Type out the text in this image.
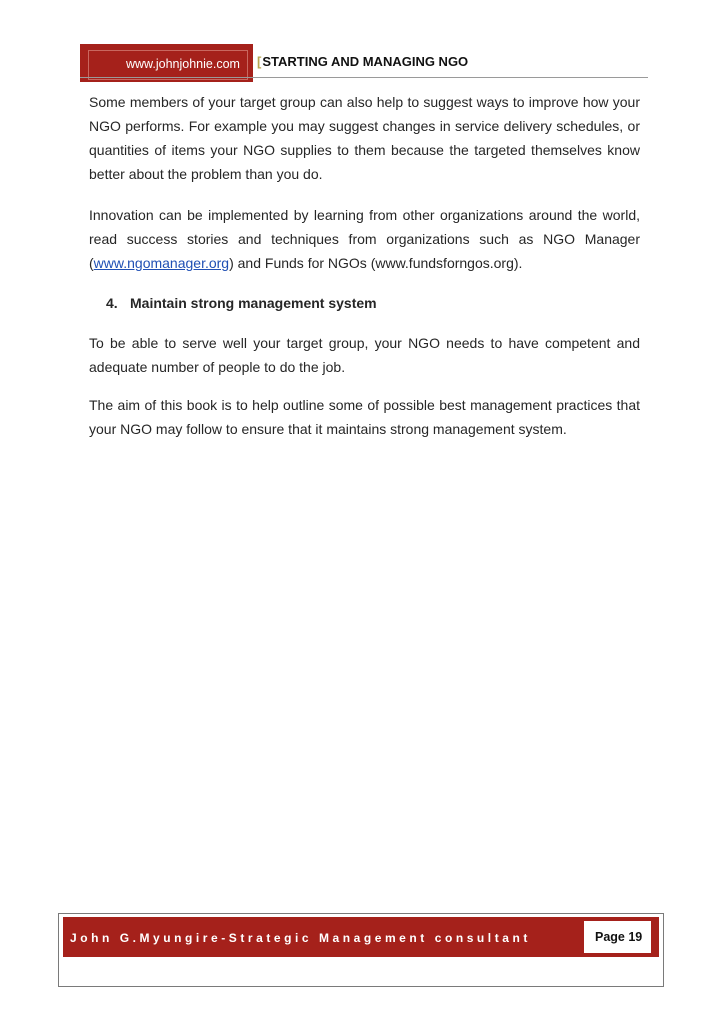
www.johnjohnie.com	[STARTING AND MANAGING NGO

Some members of your target group can also help to suggest ways to improve how your NGO performs. For example you may suggest changes in service delivery schedules, or quantities of items your NGO supplies to them because the targeted themselves know better about the problem than you do.

Innovation can be implemented by learning from other organizations around the world, read success stories and techniques from organizations such as NGO Manager (www.ngomanager.org) and Funds for NGOs (www.fundsforngos.org).

4. Maintain strong management system

To be able to serve well your target group, your NGO needs to have competent and adequate number of people to do the job.

The aim of this book is to help outline some of possible best management practices that your NGO may follow to ensure that it maintains strong management system.

John G.Myungire-Strategic Management consultant	Page 19
